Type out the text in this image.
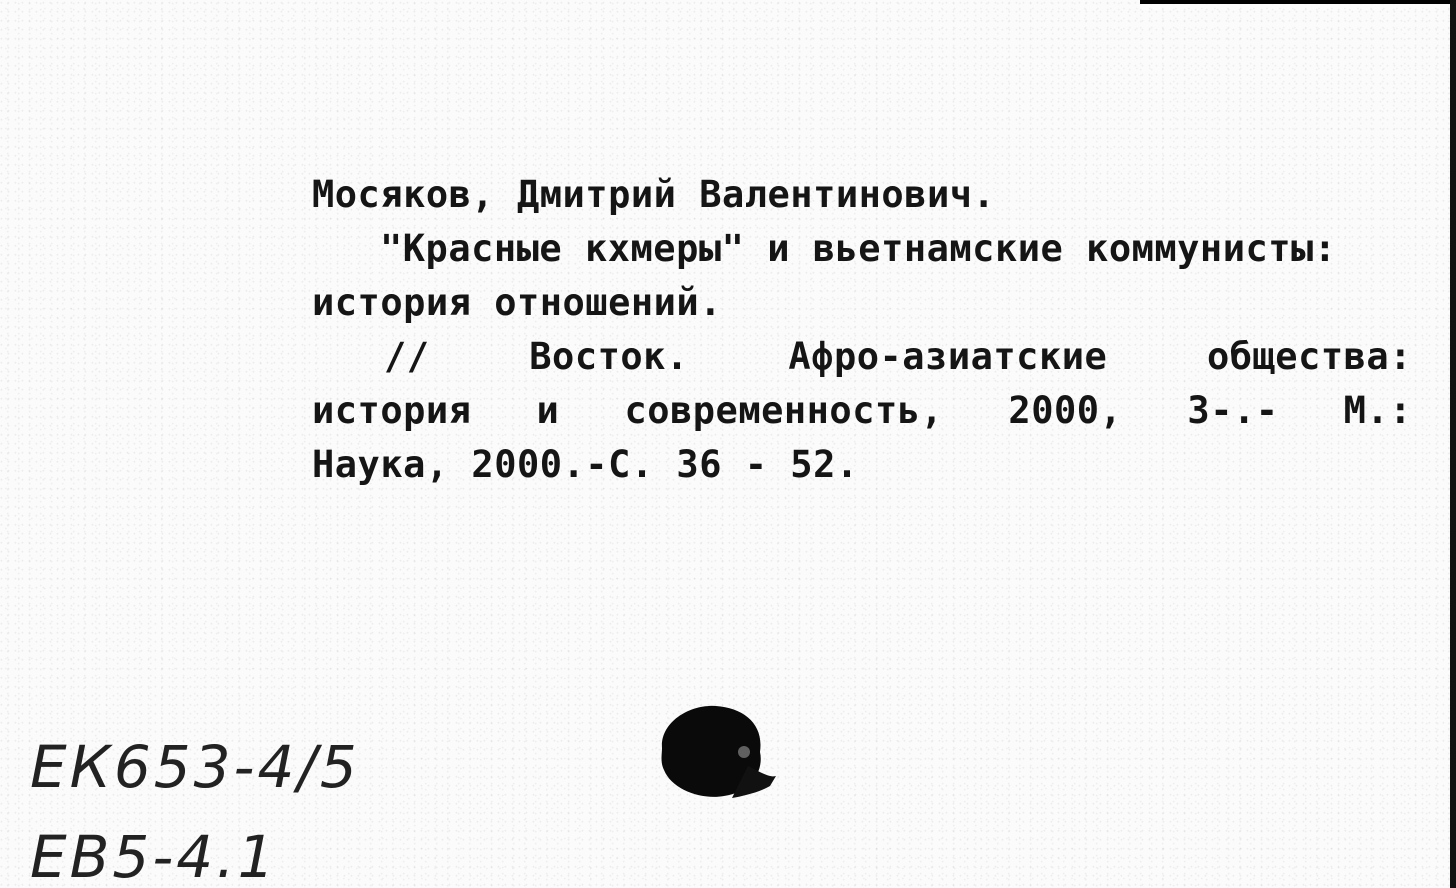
Мосяков, Дмитрий Валентинович.
"Красные кхмеры" и вьетнамские коммунисты:
история отношений.
//	Восток.	Афро-азиатские	общества:
история и современность, 2000, 3-.- М.:
Наука, 2000.-С. 36 - 52.
ЕК653-4/5
ЕВ5-4.1
